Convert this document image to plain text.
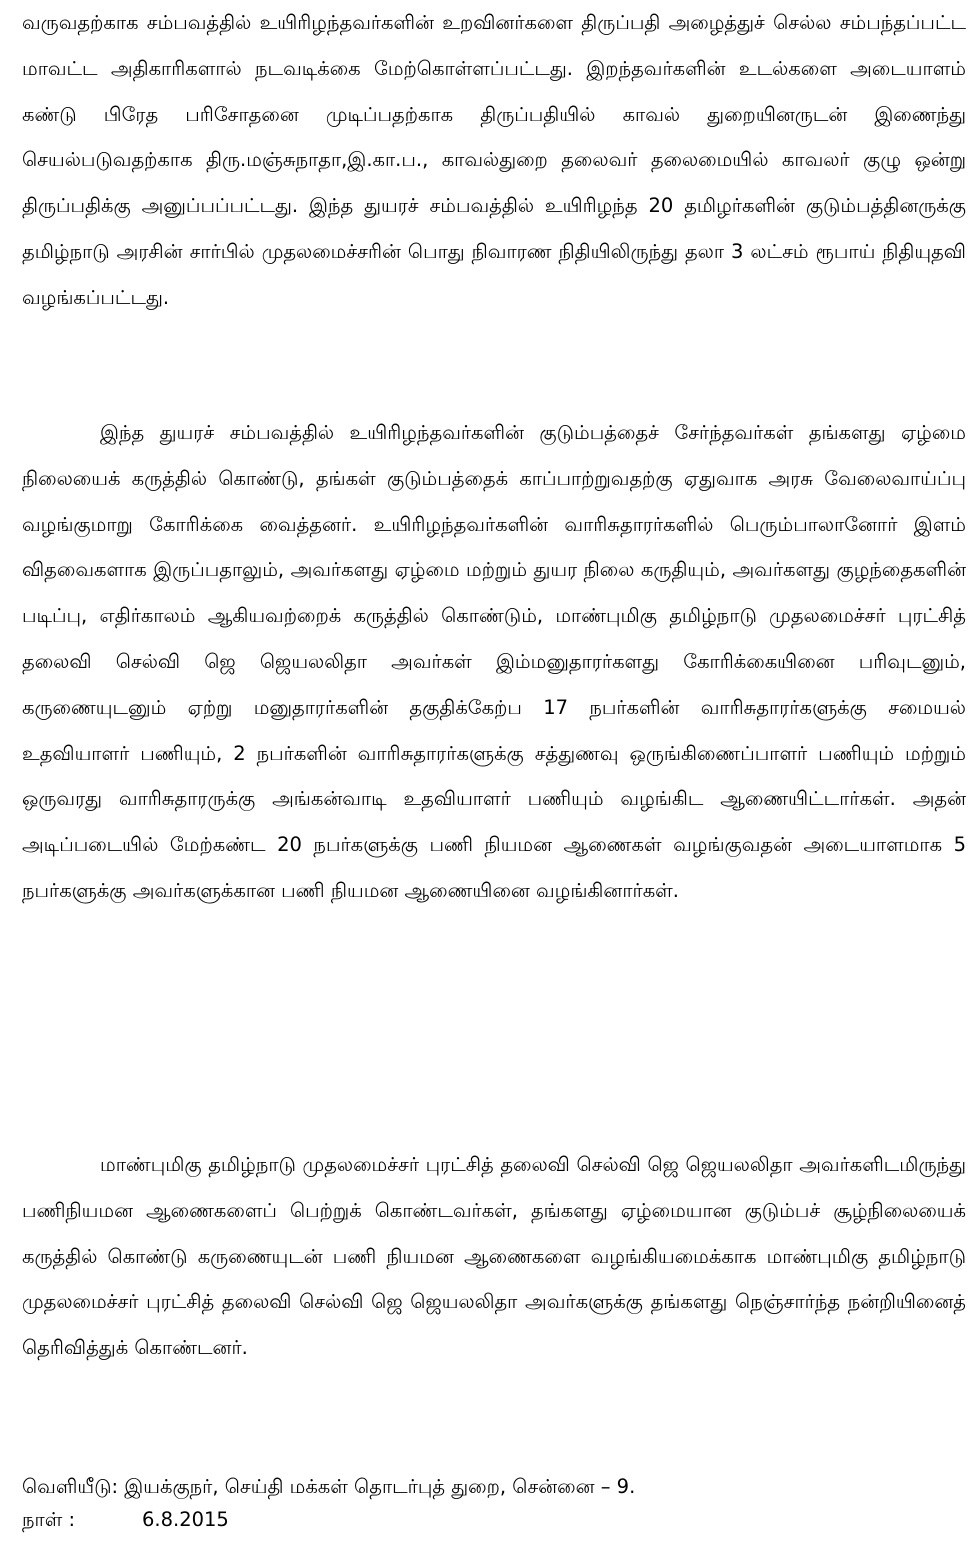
வருவதற்காக சம்பவத்தில் உயிரிழந்தவர்களின் உறவினர்களை திருப்பதி அழைத்துச் செல்ல சம்பந்தப்பட்ட மாவட்ட அதிகாரிகளால் நடவடிக்கை மேற்கொள்ளப்பட்டது. இறந்தவர்களின் உடல்களை அடையாளம் கண்டு பிரேத பரிசோதனை முடிப்பதற்காக திருப்பதியில் காவல் துறையினருடன் இணைந்து செயல்படுவதற்காக திரு.மஞ்சுநாதா,இ.கா.ப., காவல்துறை தலைவர் தலைமையில் காவலர் குழு ஒன்று திருப்பதிக்கு அனுப்பப்பட்டது. இந்த துயரச் சம்பவத்தில் உயிரிழந்த 20 தமிழர்களின் குடும்பத்தினருக்கு தமிழ்நாடு அரசின் சார்பில் முதலமைச்சரின் பொது நிவாரண நிதியிலிருந்து தலா 3 லட்சம் ரூபாய் நிதியுதவி வழங்கப்பட்டது.

இந்த துயரச் சம்பவத்தில் உயிரிழந்தவர்களின் குடும்பத்தைச் சேர்ந்தவர்கள் தங்களது ஏழ்மை நிலையைக் கருத்தில் கொண்டு, தங்கள் குடும்பத்தைக் காப்பாற்றுவதற்கு ஏதுவாக அரசு வேலைவாய்ப்பு வழங்குமாறு கோரிக்கை வைத்தனர். உயிரிழந்தவர்களின் வாரிசுதாரர்களில் பெரும்பாலானோர் இளம் விதவைகளாக இருப்பதாலும், அவர்களது ஏழ்மை மற்றும் துயர நிலை கருதியும், அவர்களது குழந்தைகளின் படிப்பு, எதிர்காலம் ஆகியவற்றைக் கருத்தில் கொண்டும், மாண்புமிகு தமிழ்நாடு முதலமைச்சர் புரட்சித் தலைவி செல்வி ஜெ ஜெயலலிதா அவர்கள் இம்மனுதாரர்களது கோரிக்கையினை பரிவுடனும், கருணையுடனும் ஏற்று மனுதாரர்களின் தகுதிக்கேற்ப 17 நபர்களின் வாரிசுதாரர்களுக்கு சமையல் உதவியாளர் பணியும், 2 நபர்களின் வாரிசுதாரர்களுக்கு சத்துணவு ஒருங்கிணைப்பாளர் பணியும் மற்றும் ஒருவரது வாரிசுதாரருக்கு அங்கன்வாடி உதவியாளர் பணியும் வழங்கிட ஆணையிட்டார்கள். அதன் அடிப்படையில் மேற்கண்ட 20 நபர்களுக்கு பணி நியமன ஆணைகள் வழங்குவதன் அடையாளமாக 5 நபர்களுக்கு அவர்களுக்கான பணி நியமன ஆணையினை வழங்கினார்கள்.

மாண்புமிகு தமிழ்நாடு முதலமைச்சர் புரட்சித் தலைவி செல்வி ஜெ ஜெயலலிதா அவர்களிடமிருந்து பணிநியமன ஆணைகளைப் பெற்றுக் கொண்டவர்கள், தங்களது ஏழ்மையான குடும்பச் சூழ்நிலையைக் கருத்தில் கொண்டு கருணையுடன் பணி நியமன ஆணைகளை வழங்கியமைக்காக மாண்புமிகு தமிழ்நாடு முதலமைச்சர் புரட்சித் தலைவி செல்வி ஜெ ஜெயலலிதா அவர்களுக்கு தங்களது நெஞ்சார்ந்த நன்றியினைத் தெரிவித்துக் கொண்டனர்.

வெளியீடு: இயக்குநர், செய்தி மக்கள் தொடர்புத் துறை, சென்னை – 9.
நாள் :	6.8.2015
